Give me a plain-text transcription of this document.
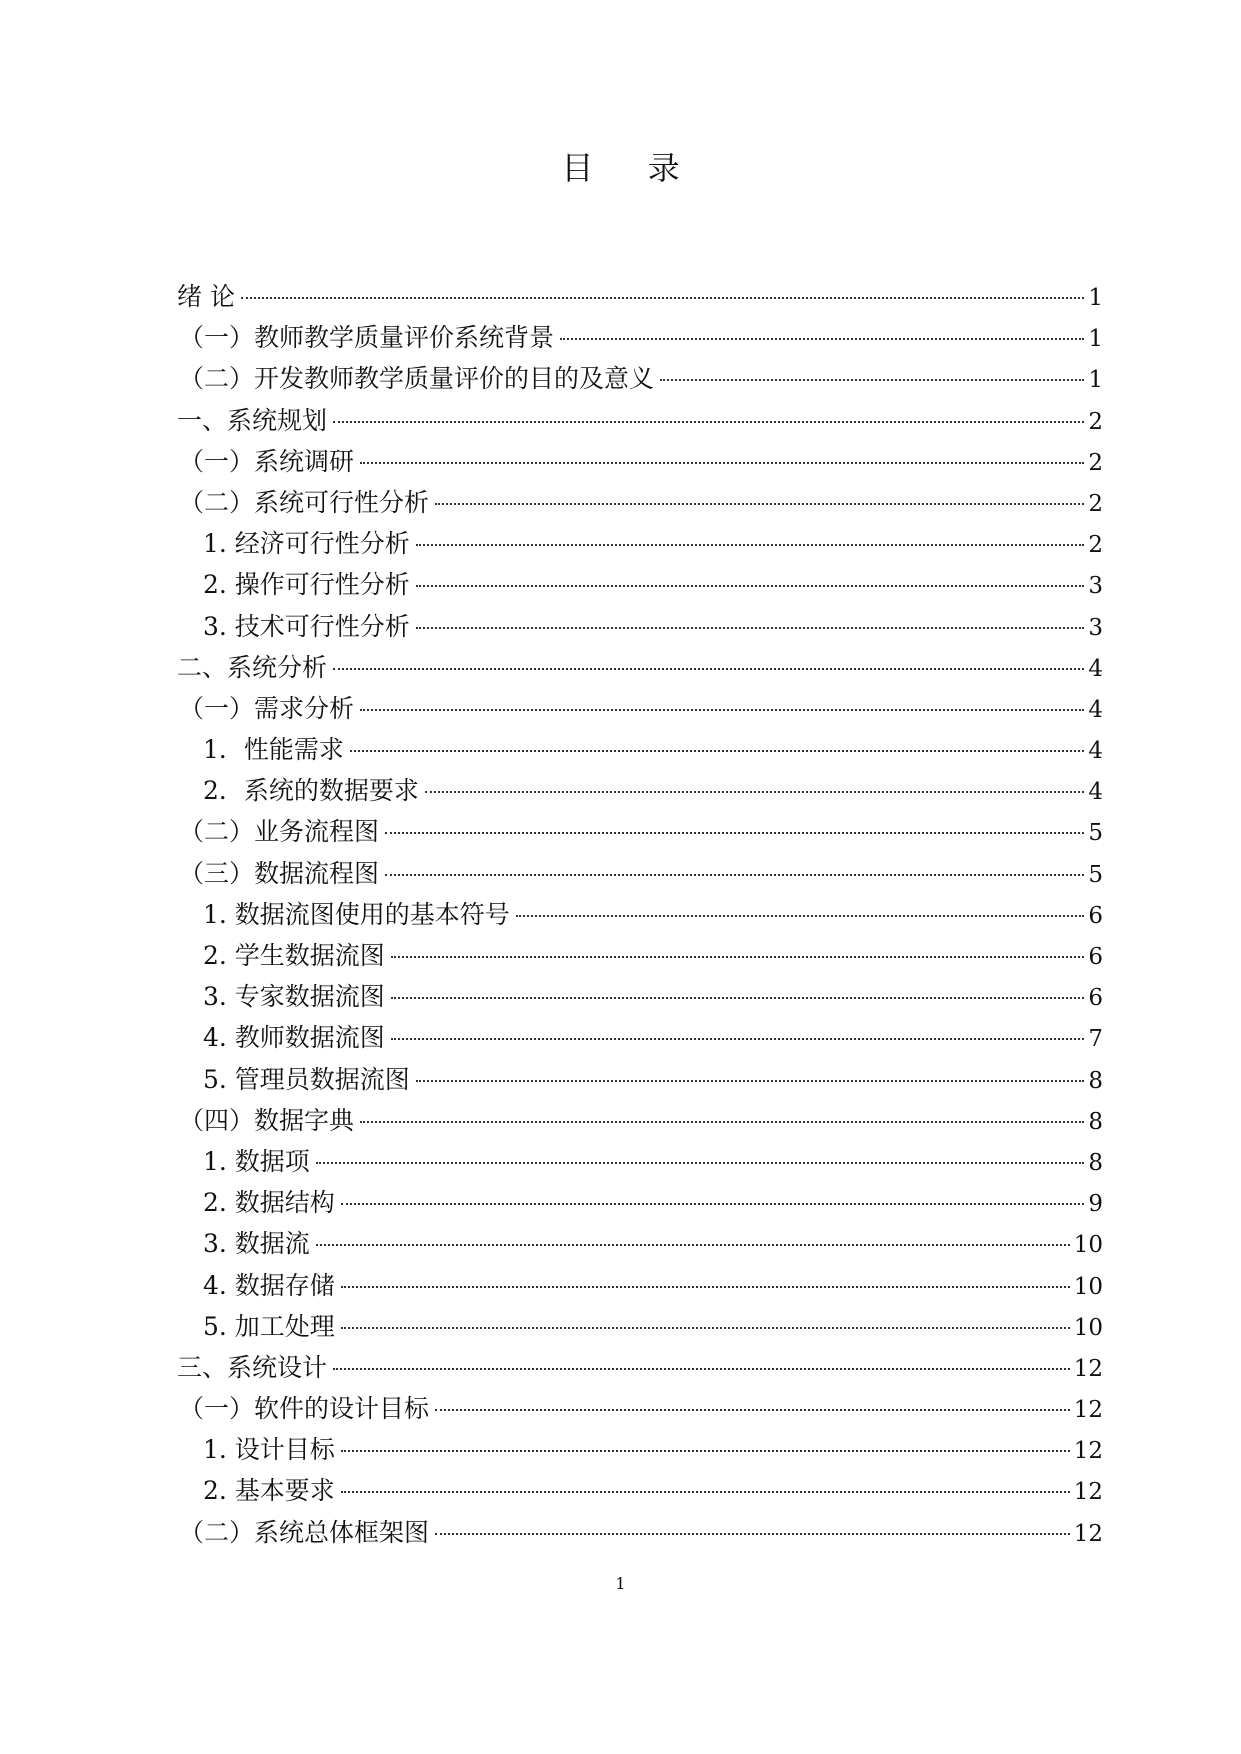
目 录
绪 论	1
（一）教师教学质量评价系统背景	1
（二）开发教师教学质量评价的目的及意义	1
一、系统规划	2
（一）系统调研	2
（二）系统可行性分析	2
1. 经济可行性分析	2
2. 操作可行性分析	3
3. 技术可行性分析	3
二、系统分析	4
（一）需求分析	4
1．性能需求	4
2．系统的数据要求	4
（二）业务流程图	5
（三）数据流程图	5
1. 数据流图使用的基本符号	6
2. 学生数据流图	6
3. 专家数据流图	6
4. 教师数据流图	7
5. 管理员数据流图	8
（四）数据字典	8
1. 数据项	8
2. 数据结构	9
3. 数据流	10
4. 数据存储	10
5. 加工处理	10
三、系统设计	12
（一）软件的设计目标	12
1. 设计目标	12
2. 基本要求	12
（二）系统总体框架图	12
1
